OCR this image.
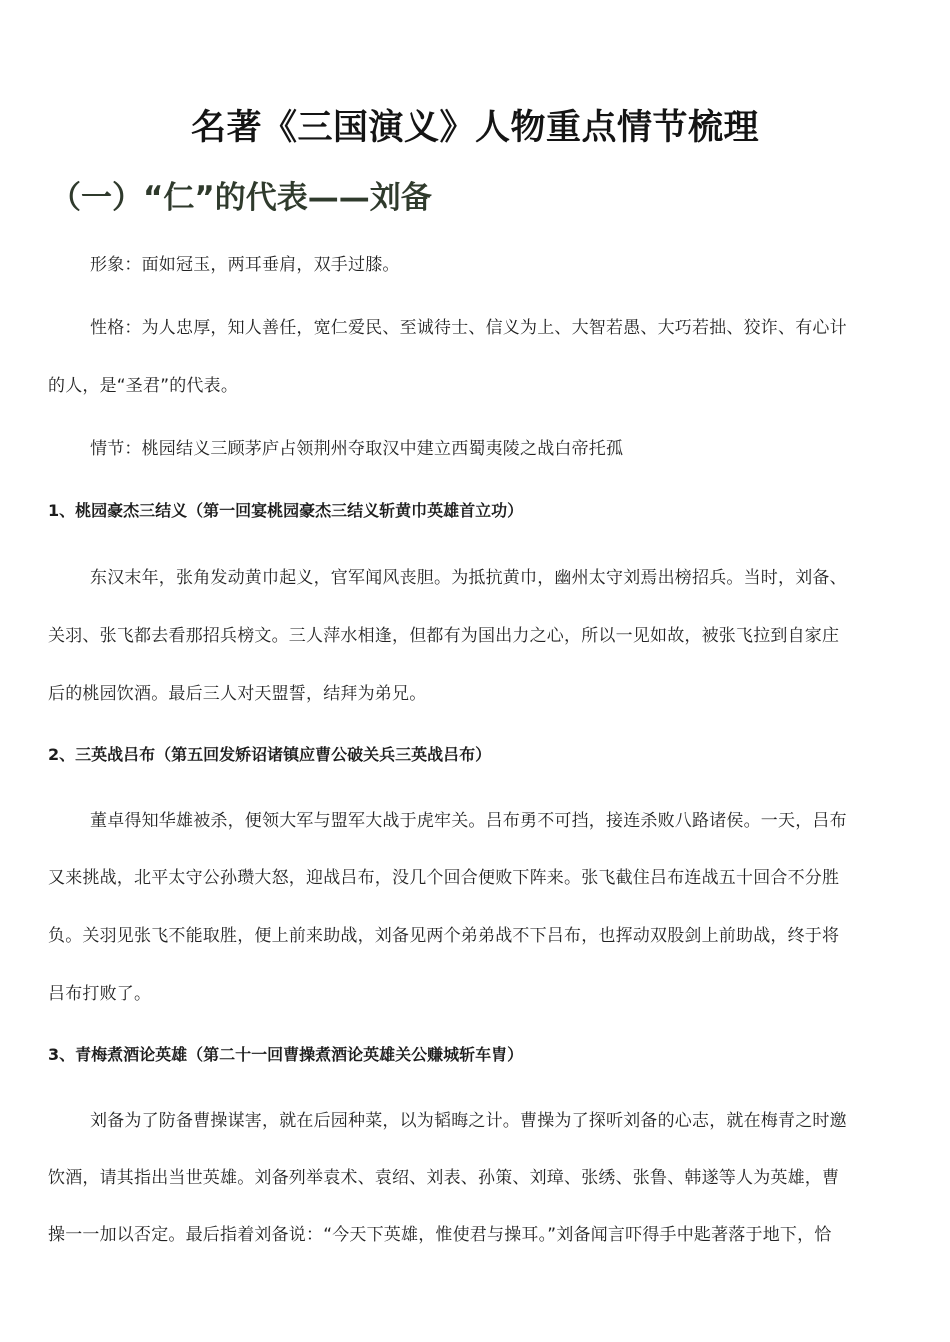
名著《三国演义》人物重点情节梳理
（一）“仁”的代表——刘备
形象：面如冠玉，两耳垂肩，双手过膝。
性格：为人忠厚，知人善任，宽仁爱民、至诚待士、信义为上、大智若愚、大巧若拙、狡诈、有心计
的人，是“圣君”的代表。
情节：桃园结义三顾茅庐占领荆州夺取汉中建立西蜀夷陵之战白帝托孤
1、桃园豪杰三结义（第一回宴桃园豪杰三结义斩黄巾英雄首立功）
东汉末年，张角发动黄巾起义，官军闻风丧胆。为抵抗黄巾，幽州太守刘焉出榜招兵。当时，刘备、
关羽、张飞都去看那招兵榜文。三人萍水相逢，但都有为国出力之心，所以一见如故，被张飞拉到自家庄
后的桃园饮酒。最后三人对天盟誓，结拜为弟兄。
2、三英战吕布（第五回发矫诏诸镇应曹公破关兵三英战吕布）
董卓得知华雄被杀，便领大军与盟军大战于虎牢关。吕布勇不可挡，接连杀败八路诸侯。一天，吕布
又来挑战，北平太守公孙瓒大怒，迎战吕布，没几个回合便败下阵来。张飞截住吕布连战五十回合不分胜
负。关羽见张飞不能取胜，便上前来助战，刘备见两个弟弟战不下吕布，也挥动双股剑上前助战，终于将
吕布打败了。
3、青梅煮酒论英雄（第二十一回曹操煮酒论英雄关公赚城斩车胄）
刘备为了防备曹操谋害，就在后园种菜，以为韬晦之计。曹操为了探听刘备的心志，就在梅青之时邀
饮酒，请其指出当世英雄。刘备列举袁术、袁绍、刘表、孙策、刘璋、张绣、张鲁、韩遂等人为英雄，曹
操一一加以否定。最后指着刘备说：“今天下英雄，惟使君与操耳。”刘备闻言吓得手中匙著落于地下，恰
